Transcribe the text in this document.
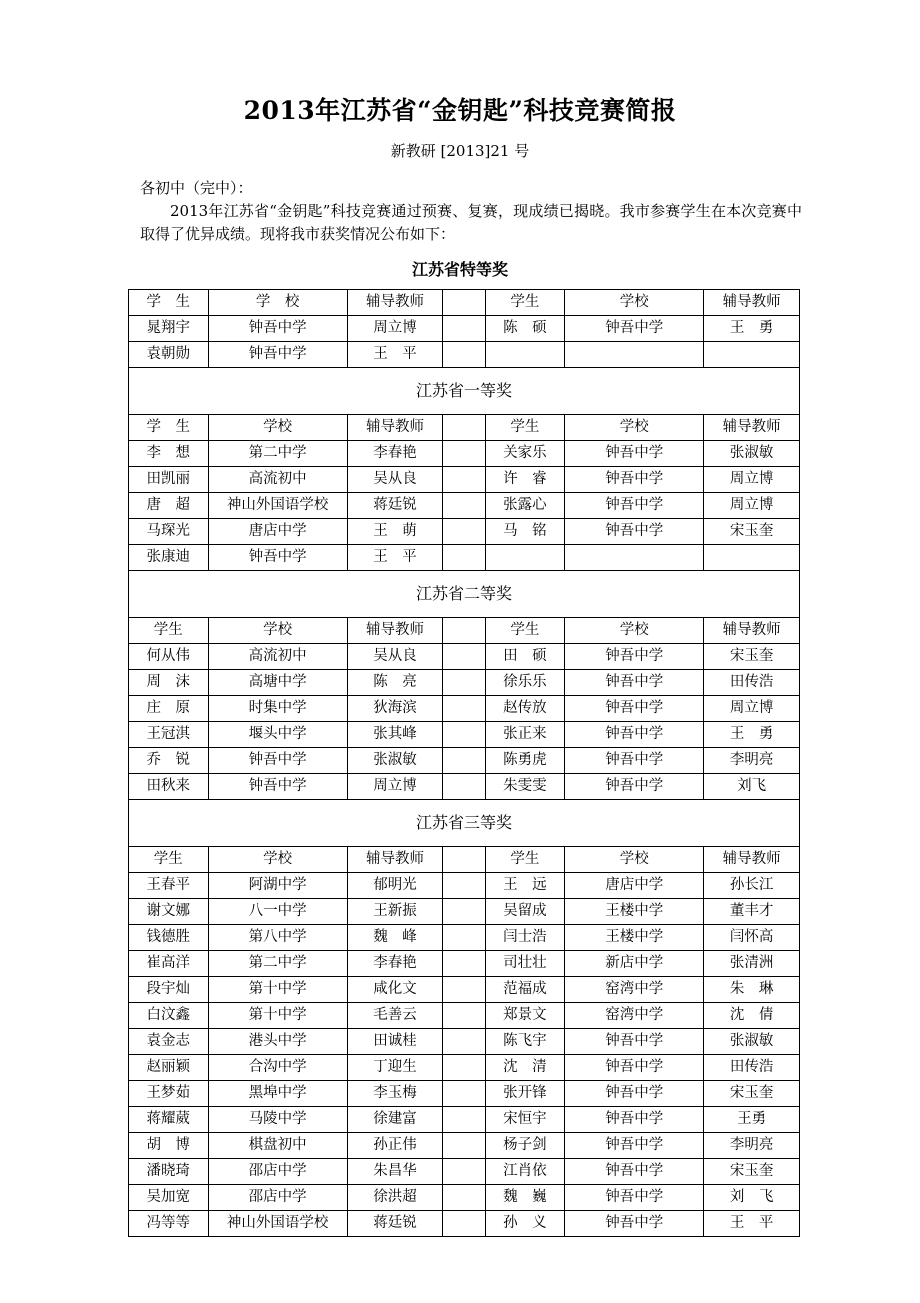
2013年江苏省“金钥匙”科技竞赛简报

新教研 [2013]21 号

各初中（完中）：

2013年江苏省“金钥匙”科技竞赛通过预赛、复赛，现成绩已揭晓。我市参赛学生在本次竞赛中取得了优异成绩。现将我市获奖情况公布如下：

江苏省特等奖
学　生	学　校	辅导教师		学生	学校	辅导教师
晁翔宇	钟吾中学	周立博		陈　硕	钟吾中学	王　勇
袁朝勋	钟吾中学	王　平				
江苏省一等奖						
学　生	学校	辅导教师		学生	学校	辅导教师
李　想	第二中学	李春艳		关家乐	钟吾中学	张淑敏
田凯丽	高流初中	吴从良		许　睿	钟吾中学	周立博
唐　超	神山外国语学校	蒋廷锐		张露心	钟吾中学	周立博
马琛光	唐店中学	王　萌		马　铭	钟吾中学	宋玉奎
张康迪	钟吾中学	王　平				
江苏省二等奖						
学生	学校	辅导教师		学生	学校	辅导教师
何从伟	高流初中	吴从良		田　硕	钟吾中学	宋玉奎
周　沫	高塘中学	陈　亮		徐乐乐	钟吾中学	田传浩
庄　原	时集中学	狄海滨		赵传放	钟吾中学	周立博
王冠淇	堰头中学	张其峰		张正来	钟吾中学	王　勇
乔　锐	钟吾中学	张淑敏		陈勇虎	钟吾中学	李明亮
田秋来	钟吾中学	周立博		朱雯雯	钟吾中学	刘飞
江苏省三等奖						
学生	学校	辅导教师		学生	学校	辅导教师
王春平	阿湖中学	郁明光		王　远	唐店中学	孙长江
谢文娜	八一中学	王新振		吴留成	王楼中学	董丰才
钱德胜	第八中学	魏　峰		闫士浩	王楼中学	闫怀高
崔高洋	第二中学	李春艳		司壮壮	新店中学	张清洲
段宇灿	第十中学	咸化文		范福成	窑湾中学	朱　琳
白汶鑫	第十中学	毛善云		郑景文	窑湾中学	沈　倩
袁金志	港头中学	田诚桂		陈飞宇	钟吾中学	张淑敏
赵丽颖	合沟中学	丁迎生		沈　清	钟吾中学	田传浩
王梦茹	黑埠中学	李玉梅		张开锋	钟吾中学	宋玉奎
蒋耀葳	马陵中学	徐建富		宋恒宇	钟吾中学	王勇
胡　博	棋盘初中	孙正伟		杨子剑	钟吾中学	李明亮
潘晓琦	邵店中学	朱昌华		江肖依	钟吾中学	宋玉奎
吴加宽	邵店中学	徐洪超		魏　巍	钟吾中学	刘　飞
冯等等	神山外国语学校	蒋廷锐		孙　义	钟吾中学	王　平
